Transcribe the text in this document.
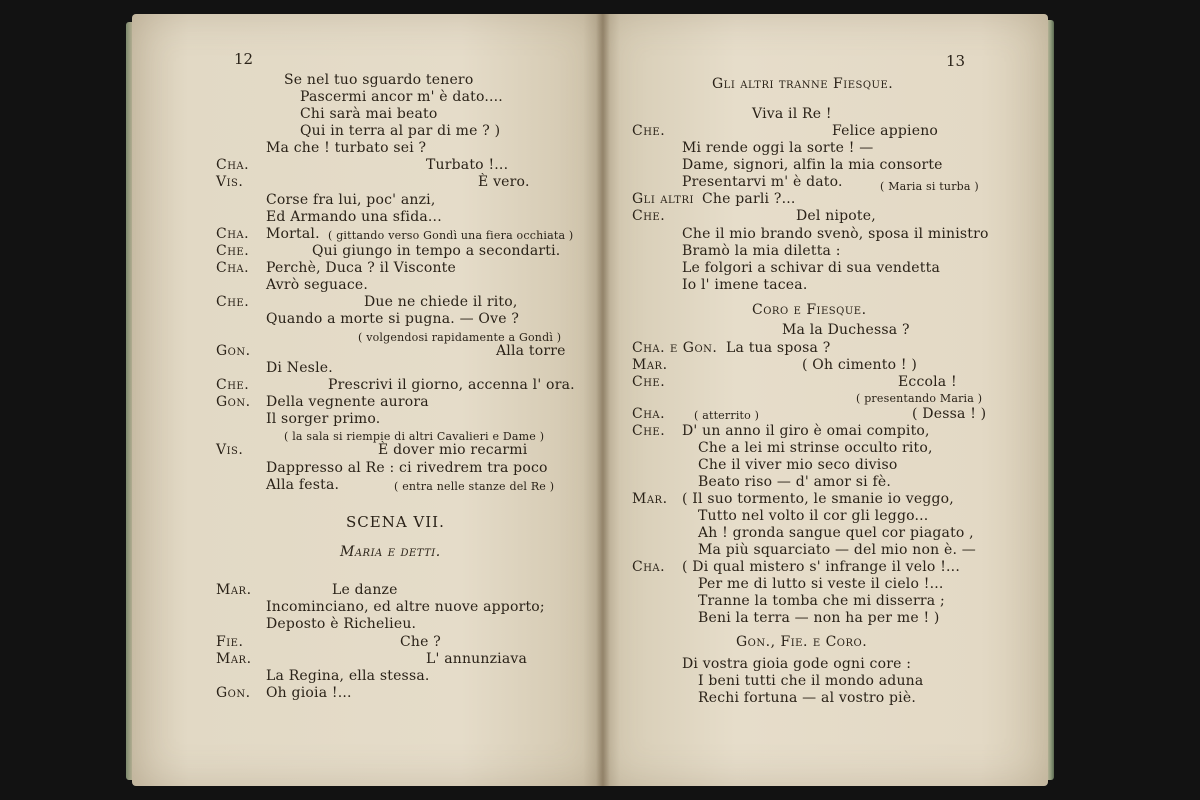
12
Se nel tuo sguardo tenero
Pascermi ancor m' è dato....
Chi sarà mai beato
Qui in terra al par di me ? )
Ma che ! turbato sei ?
Cha.	Turbato !...
Vis.	È vero.
Corse fra lui, poc' anzi,
Ed Armando una sfida...
Cha. Mortal. ( gittando verso Gondì una fiera occhiata )
Che.	Qui giungo in tempo a secondarti.
Cha. Perchè, Duca ? il Visconte
Avrò seguace.
Che.	Due ne chiede il rito,
Quando a morte si pugna. — Ove ?
( volgendosi rapidamente a Gondì )
Gon.	Alla torre
Di Nesle.
Che.	Prescrivi il giorno, accenna l' ora.
Gon. Della vegnente aurora
Il sorger primo.
( la sala si riempie di altri Cavalieri e Dame )
Vis.	È dover mio recarmi
Dappresso al Re : ci rivedrem tra poco
Alla festa.	( entra nelle stanze del Re )
SCENA VII.
Maria e detti.
Mar.	Le danze
Incominciano, ed altre nuove apporto;
Deposto è Richelieu.
Fie.	Che ?
Mar.	L' annunziava
La Regina, ella stessa.
Gon. Oh gioia !...
13
Gli altri tranne Fiesque.
Viva il Re !
Che.	Felice appieno
Mi rende oggi la sorte ! —
Dame, signori, alfin la mia consorte
Presentarvi m' è dato.	( Maria si turba )
Gli altri Che parli ?...
Che.	Del nipote,
Che il mio brando svenò, sposa il ministro
Bramò la mia diletta :
Le folgori a schivar di sua vendetta
Io l' imene tacea.
Coro e Fiesque.
Ma la Duchessa ?
Cha. e Gon. La tua sposa ?
Mar.	( Oh cimento ! )
Che.	Eccola !
( presentando Maria )
Cha.	( atterrito )	( Dessa ! )
Che. D' un anno il giro è omai compito,
Che a lei mi strinse occulto rito,
Che il viver mio seco diviso
Beato riso — d' amor si fè.
Mar. ( Il suo tormento, le smanie io veggo,
Tutto nel volto il cor gli leggo...
Ah ! gronda sangue quel cor piagato ,
Ma più squarciato — del mio non è. —
Cha. ( Di qual mistero s' infrange il velo !...
Per me di lutto si veste il cielo !...
Tranne la tomba che mi disserra ;
Beni la terra — non ha per me ! )
Gon., Fie. e Coro.
Di vostra gioia gode ogni core :
I beni tutti che il mondo aduna
Rechi fortuna — al vostro piè.
